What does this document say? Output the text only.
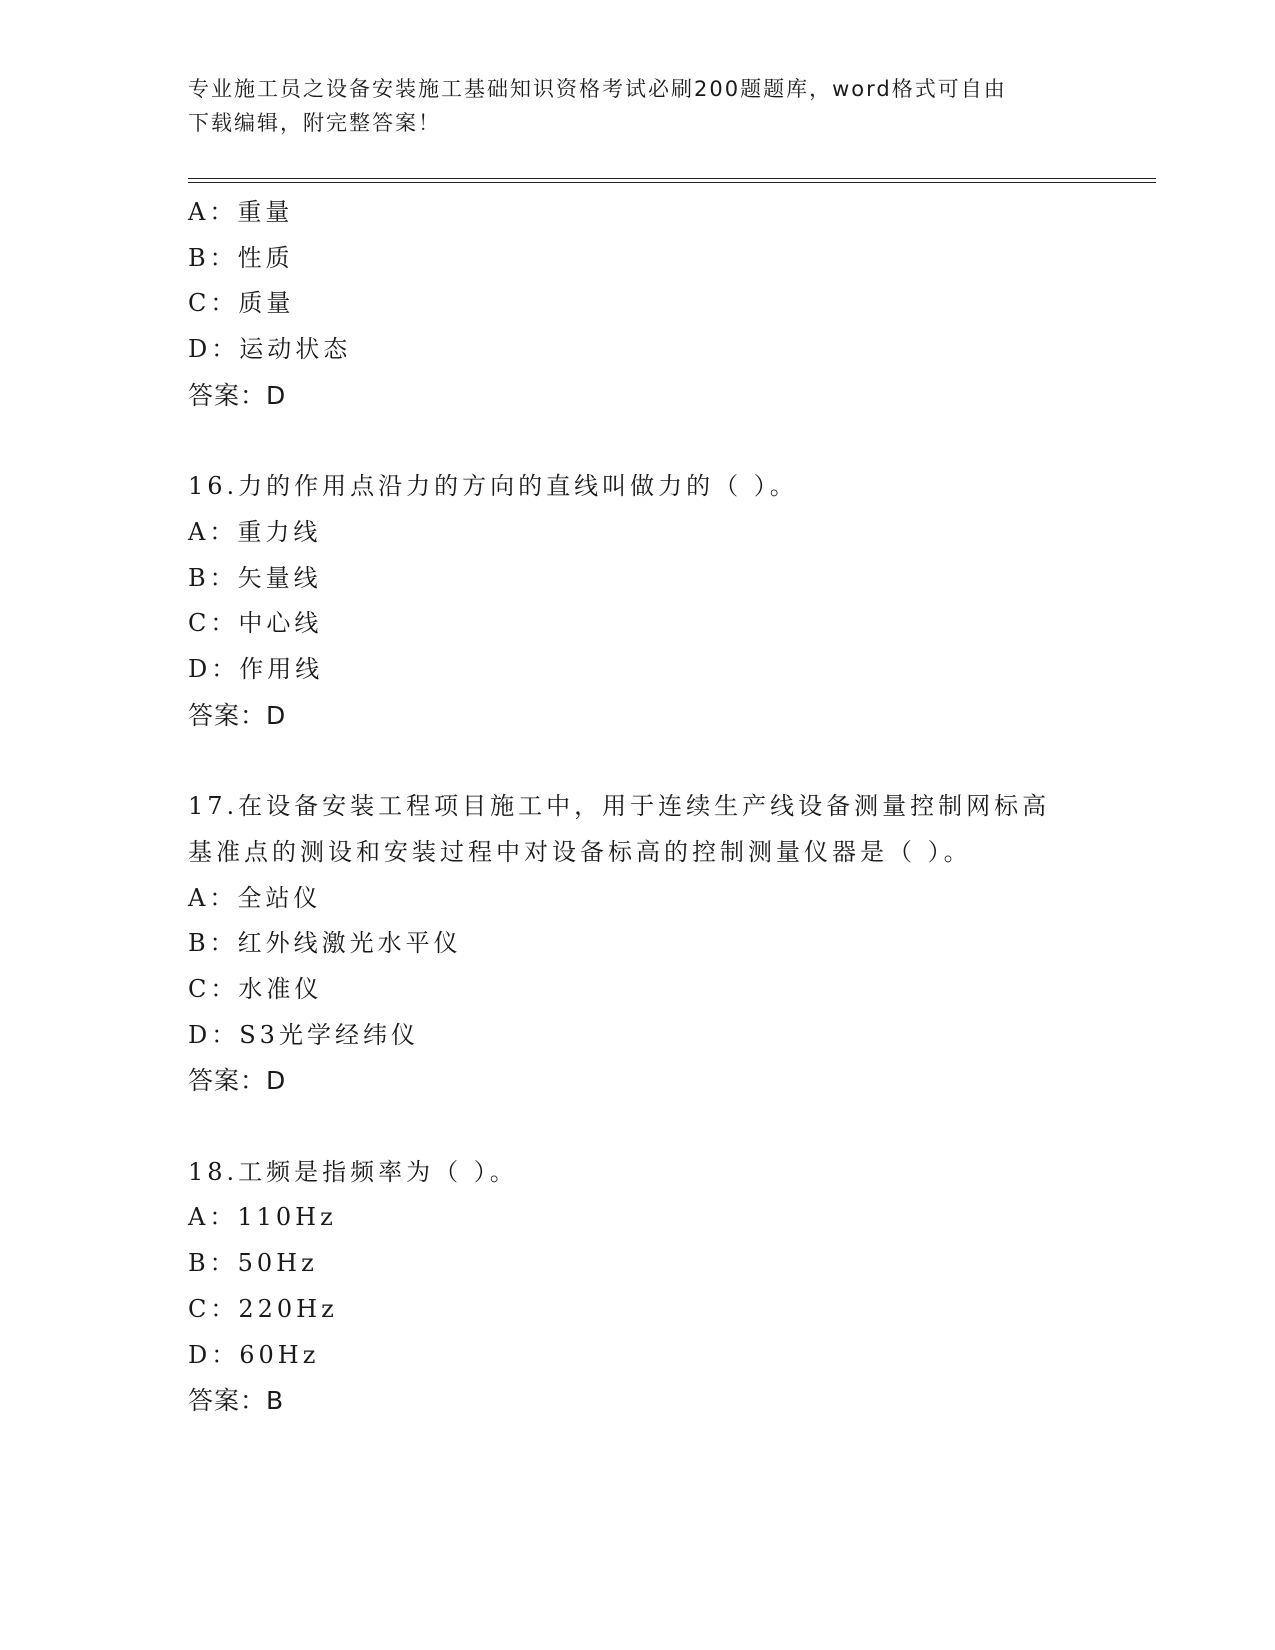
专业施工员之设备安装施工基础知识资格考试必刷200题题库，word格式可自由
下载编辑，附完整答案！
A：重量
B：性质
C：质量
D：运动状态
答案：D
16.力的作用点沿力的方向的直线叫做力的（ ）。
A：重力线
B：矢量线
C：中心线
D：作用线
答案：D
17.在设备安装工程项目施工中，用于连续生产线设备测量控制网标高
基准点的测设和安装过程中对设备标高的控制测量仪器是（ ）。
A：全站仪
B：红外线激光水平仪
C：水准仪
D：S3光学经纬仪
答案：D
18.工频是指频率为（ ）。
A：110Hz
B：50Hz
C：220Hz
D：60Hz
答案：B
